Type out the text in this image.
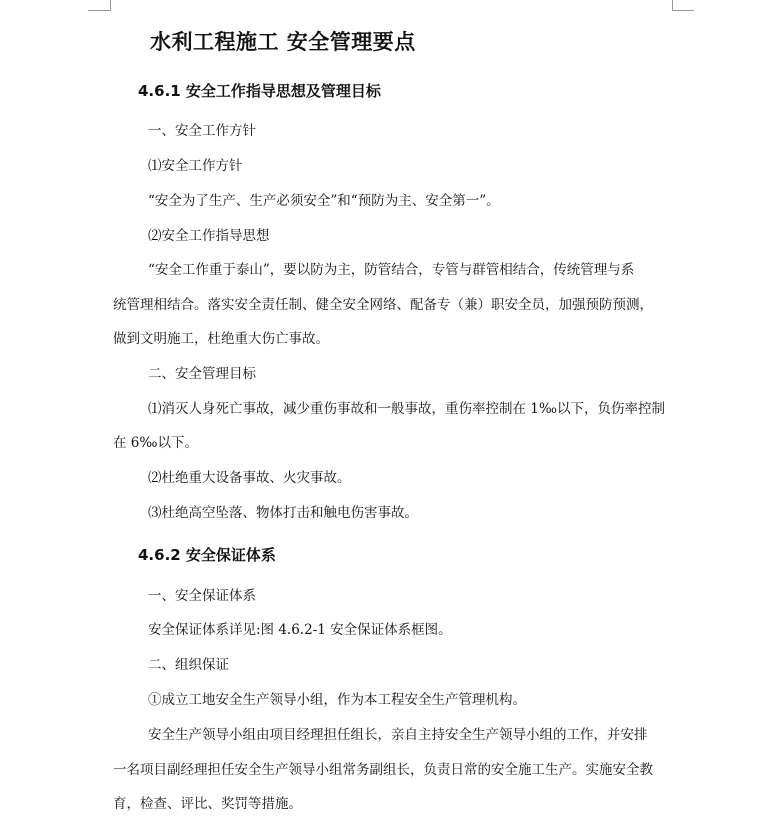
水利工程施工 安全管理要点
4.6.1 安全工作指导思想及管理目标
一、安全工作方针
⑴安全工作方针
“安全为了生产、生产必须安全”和“预防为主、安全第一”。
⑵安全工作指导思想
“安全工作重于泰山”，要以防为主，防管结合，专管与群管相结合，传统管理与系
统管理相结合。落实安全责任制、健全安全网络、配备专（兼）职安全员，加强预防预测，
做到文明施工，杜绝重大伤亡事故。
二、安全管理目标
⑴消灭人身死亡事故，减少重伤事故和一般事故，重伤率控制在 1‰以下，负伤率控制
在 6‰以下。
⑵杜绝重大设备事故、火灾事故。
⑶杜绝高空坠落、物体打击和触电伤害事故。
4.6.2 安全保证体系
一、安全保证体系
安全保证体系详见:图 4.6.2-1 安全保证体系框图。
二、组织保证
①成立工地安全生产领导小组，作为本工程安全生产管理机构。
安全生产领导小组由项目经理担任组长，亲自主持安全生产领导小组的工作，并安排
一名项目副经理担任安全生产领导小组常务副组长，负责日常的安全施工生产。实施安全教
育，检查、评比、奖罚等措施。
